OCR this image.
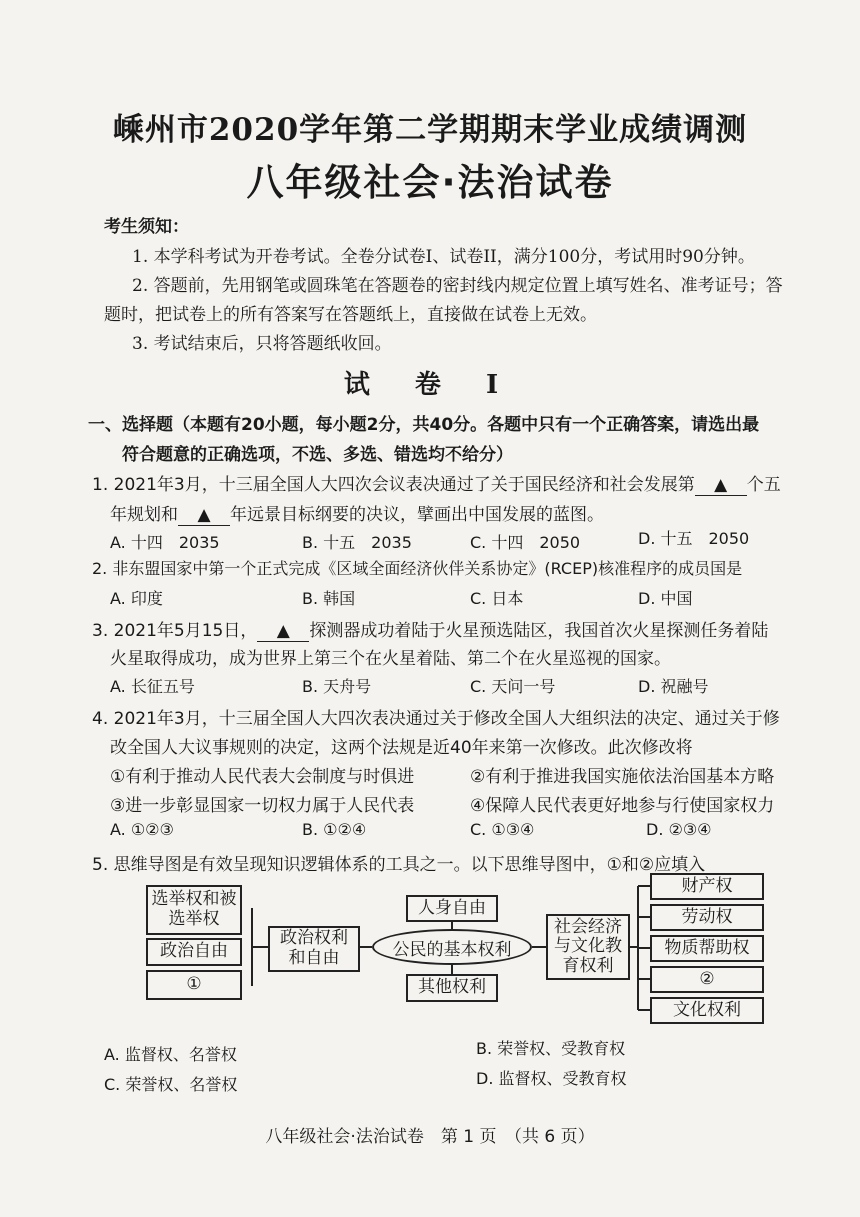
嵊州市2020学年第二学期期末学业成绩调测
八年级社会·法治试卷
考生须知：
1. 本学科考试为开卷考试。全卷分试卷I、试卷II，满分100分，考试用时90分钟。
2. 答题前，先用钢笔或圆珠笔在答题卷的密封线内规定位置上填写姓名、准考证号；答
题时，把试卷上的所有答案写在答题纸上，直接做在试卷上无效。
3. 考试结束后，只将答题纸收回。
试 卷 I
一、选择题（本题有20小题，每小题2分，共40分。各题中只有一个正确答案，请选出最
符合题意的正确选项，不选、多选、错选均不给分）
1. 2021年3月，十三届全国人大四次会议表决通过了关于国民经济和社会发展第 ▲ 个五
年规划和 ▲ 年远景目标纲要的决议，擘画出中国发展的蓝图。
A. 十四　2035	B. 十五　2035	C. 十四　2050	D. 十五　2050
2. 非东盟国家中第一个正式完成《区域全面经济伙伴关系协定》(RCEP)核准程序的成员国是
A. 印度	B. 韩国	C. 日本	D. 中国
3. 2021年5月15日， ▲ 探测器成功着陆于火星预选陆区，我国首次火星探测任务着陆
火星取得成功，成为世界上第三个在火星着陆、第二个在火星巡视的国家。
A. 长征五号	B. 天舟号	C. 天问一号	D. 祝融号
4. 2021年3月，十三届全国人大四次表决通过关于修改全国人大组织法的决定、通过关于修
改全国人大议事规则的决定，这两个法规是近40年来第一次修改。此次修改将
①有利于推动人民代表大会制度与时俱进	②有利于推进我国实施依法治国基本方略
③进一步彰显国家一切权力属于人民代表	④保障人民代表更好地参与行使国家权力
A. ①②③	B. ①②④	C. ①③④	D. ②③④
5. 思维导图是有效呈现知识逻辑体系的工具之一。以下思维导图中，①和②应填入
选举权和被选举权
政治自由
①
政治权利和自由
人身自由
公民的基本权利
其他权利
社会经济与文化教育权利
财产权
劳动权
物质帮助权
②
文化权利
A. 监督权、名誉权	B. 荣誉权、受教育权
C. 荣誉权、名誉权	D. 监督权、受教育权
八年级社会·法治试卷　第 1 页　（共 6 页）
